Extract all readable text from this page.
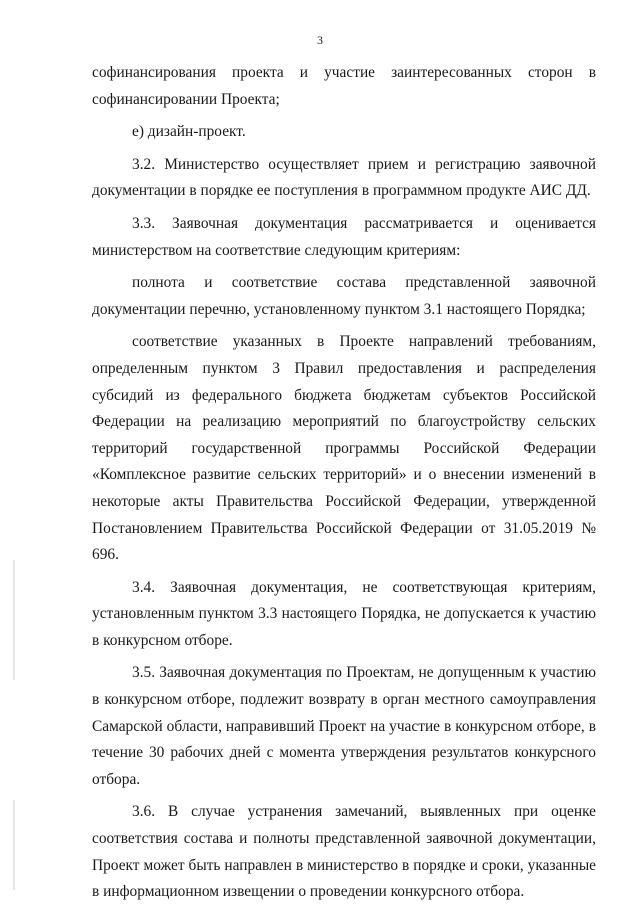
3

софинансирования проекта и участие заинтересованных сторон в софинансировании Проекта;

е) дизайн-проект.

3.2. Министерство осуществляет прием и регистрацию заявочной документации в порядке ее поступления в программном продукте АИС ДД.

3.3. Заявочная документация рассматривается и оценивается министерством на соответствие следующим критериям:

полнота и соответствие состава представленной заявочной документации перечню, установленному пунктом 3.1 настоящего Порядка;

соответствие указанных в Проекте направлений требованиям, определенным пунктом 3 Правил предоставления и распределения субсидий из федерального бюджета бюджетам субъектов Российской Федерации на реализацию мероприятий по благоустройству сельских территорий государственной программы Российской Федерации «Комплексное развитие сельских территорий» и о внесении изменений в некоторые акты Правительства Российской Федерации, утвержденной Постановлением Правительства Российской Федерации от 31.05.2019 № 696.

3.4. Заявочная документация, не соответствующая критериям, установленным пунктом 3.3 настоящего Порядка, не допускается к участию в конкурсном отборе.

3.5. Заявочная документация по Проектам, не допущенным к участию в конкурсном отборе, подлежит возврату в орган местного самоуправления Самарской области, направивший Проект на участие в конкурсном отборе, в течение 30 рабочих дней с момента утверждения результатов конкурсного отбора.

3.6. В случае устранения замечаний, выявленных при оценке соответствия состава и полноты представленной заявочной документации, Проект может быть направлен в министерство в порядке и сроки, указанные в информационном извещении о проведении конкурсного отбора.
